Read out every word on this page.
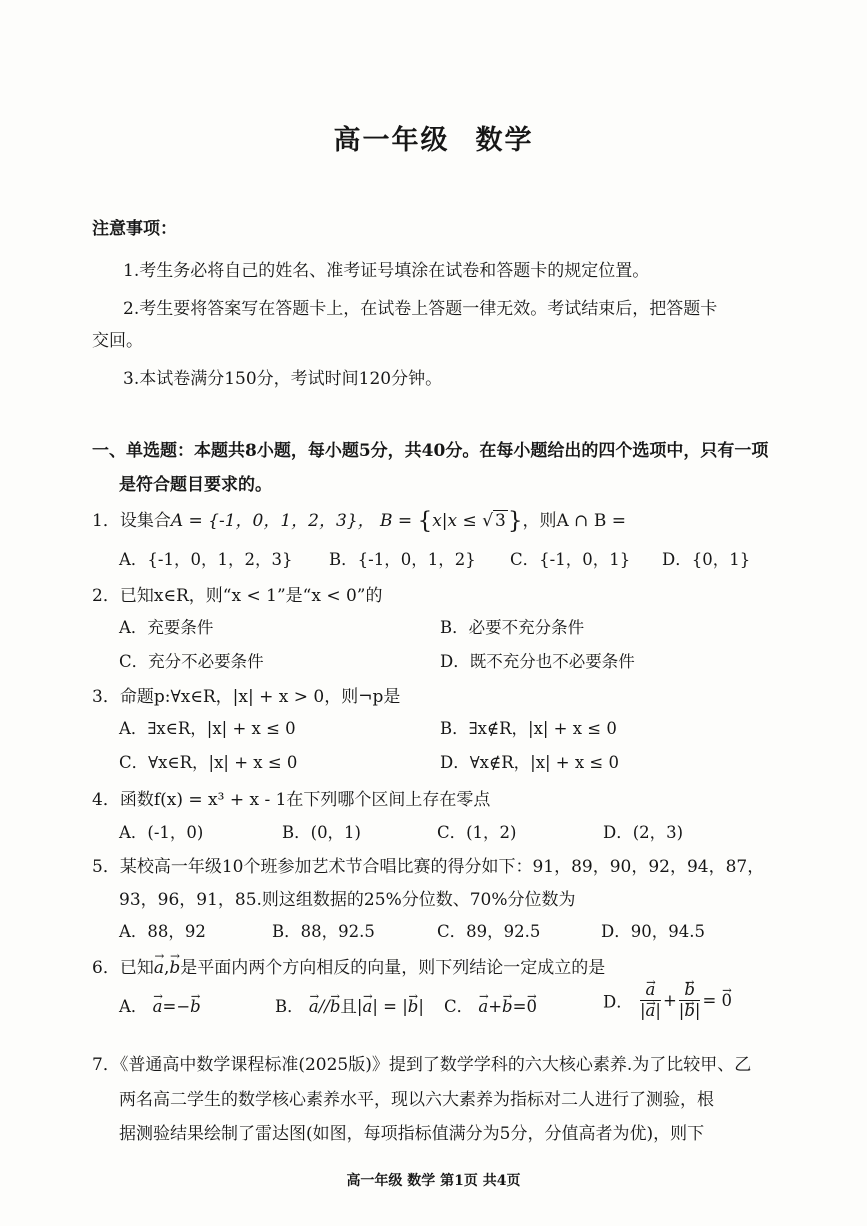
高一年级 数学
注意事项：
1.考生务必将自己的姓名、准考证号填涂在试卷和答题卡的规定位置。
2.考生要将答案写在答题卡上，在试卷上答题一律无效。考试结束后，把答题卡
交回。
3.本试卷满分150分，考试时间120分钟。
一、单选题：本题共8小题，每小题5分，共40分。在每小题给出的四个选项中，只有一项
是符合题目要求的。
1．设集合A = {-1，0，1，2，3}， B = {x|x ≤ √ 3}，则A ∩ B =
A．{-1，0，1，2，3} B．{-1，0，1，2} C．{-1，0，1} D．{0，1}
2．已知x∈R，则“x < 1”是“x < 0”的
A．充要条件	B．必要不充分条件
C．充分不必要条件	D．既不充分也不必要条件
3．命题p:∀x∈R，|x| + x > 0，则¬p是
A．∃x∈R，|x| + x ≤ 0	B．∃x∉R，|x| + x ≤ 0
C．∀x∈R，|x| + x ≤ 0	D．∀x∉R，|x| + x ≤ 0
4．函数f(x) = x³ + x - 1在下列哪个区间上存在零点
A．(-1，0)	B．(0，1)	C．(1，2)	D．(2，3)
5．某校高一年级10个班参加艺术节合唱比赛的得分如下：91，89，90，92，94，87，
93，96，91，85.则这组数据的25%分位数、70%分位数为
A．88，92	B．88，92.5	C．89，92.5	D．90，94.5
6．已知→ a,→ b是平面内两个方向相反的向量，则下列结论一定成立的是
A． → a=−→ b	B． → a//→ b且|→ a| = |→ b| C． → a+→ b=→ 0	D． → $\frac{a}{|\to a|}$ + → $\frac{b}{|\to b|}$ = → 0
7．《普通高中数学课程标准(2025版)》提到了数学学科的六大核心素养.为了比较甲、乙
两名高二学生的数学核心素养水平，现以六大素养为指标对二人进行了测验，根
据测验结果绘制了雷达图(如图，每项指标值满分为5分，分值高者为优)，则下
高一年级 数学 第1页 共4页
